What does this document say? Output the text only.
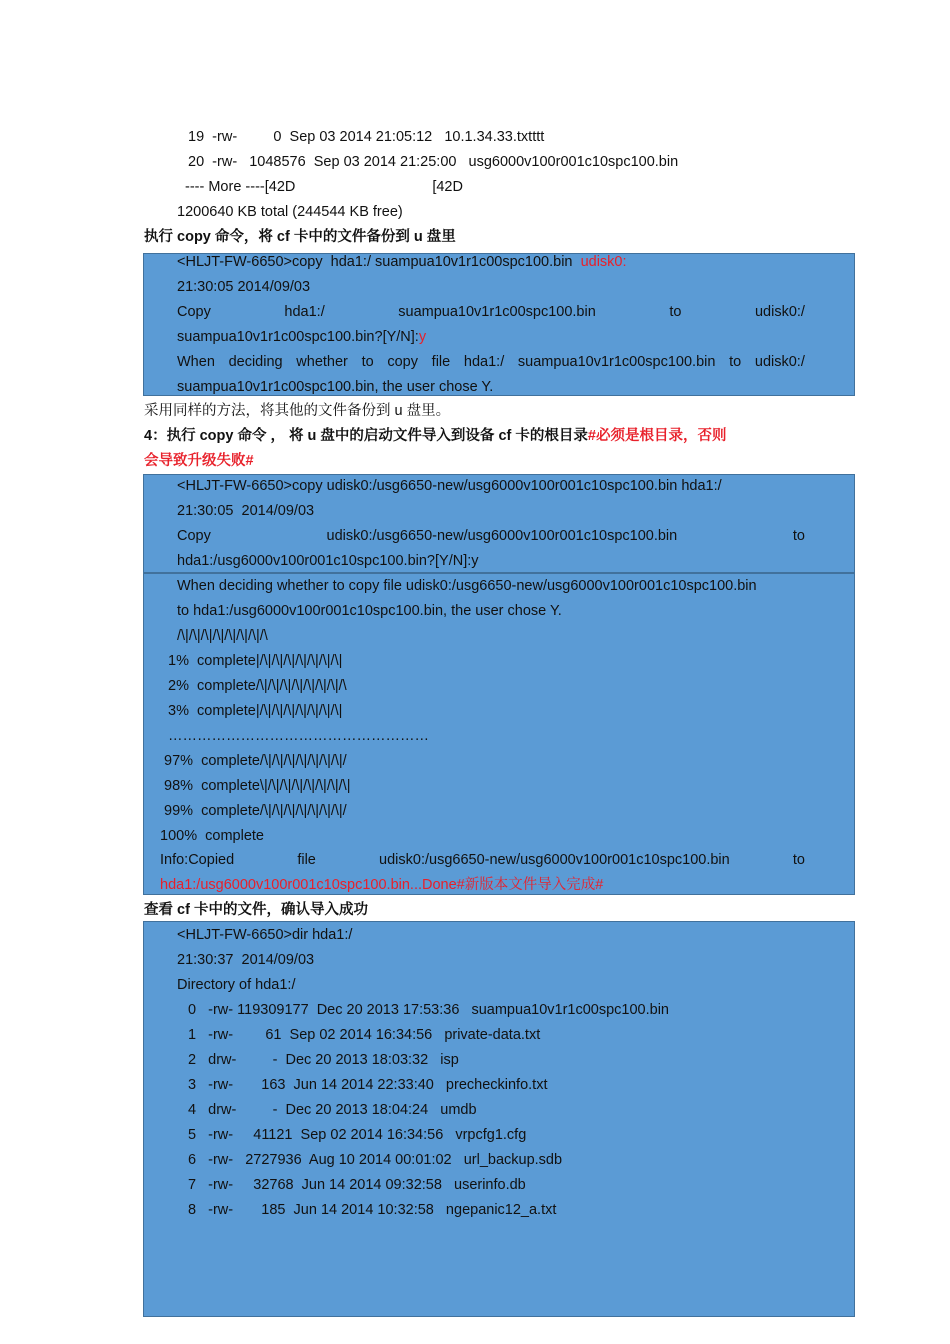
19  -rw-         0  Sep 03 2014 21:05:12   10.1.34.33.txtttt
20  -rw-   1048576  Sep 03 2014 21:25:00   usg6000v100r001c10spc100.bin
---- More ----[42D                                  [42D
1200640 KB total (244544 KB free)
执行 copy 命令，将 cf 卡中的文件备份到 u 盘里
<HLJT-FW-6650>copy  hda1:/ suampua10v1r1c00spc100.bin  udisk0:
21:30:05 2014/09/03
Copy	hda1:/	suampua10v1r1c00spc100.bin	to	udisk0:/
suampua10v1r1c00spc100.bin?[Y/N]:y
When deciding whether to copy file hda1:/ suampua10v1r1c00spc100.bin to udisk0:/
suampua10v1r1c00spc100.bin, the user chose Y.
采用同样的方法，将其他的文件备份到 u 盘里。
4：执行 copy 命令 ， 将 u 盘中的启动文件导入到设备 cf 卡的根目录#必须是根目录，否则
会导致升级失败#
<HLJT-FW-6650>copy udisk0:/usg6650-new/usg6000v100r001c10spc100.bin hda1:/
21:30:05  2014/09/03
Copy	udisk0:/usg6650-new/usg6000v100r001c10spc100.bin	to
hda1:/usg6000v100r001c10spc100.bin?[Y/N]:y
When deciding whether to copy file udisk0:/usg6650-new/usg6000v100r001c10spc100.bin
to hda1:/usg6000v100r001c10spc100.bin, the user chose Y.
/\|/\|/\|/\|/\|/\|/\|/\
1%  complete|/\|/\|/\|/\|/\|/\|/\|
2%  complete/\|/\|/\|/\|/\|/\|/\|/\
3%  complete|/\|/\|/\|/\|/\|/\|/\|
………………………………………………
97%  complete/\|/\|/\|/\|/\|/\|/\|/
98%  complete\|/\|/\|/\|/\|/\|/\|/\|
99%  complete/\|/\|/\|/\|/\|/\|/\|/
100%  complete
Info:Copied	file	udisk0:/usg6650-new/usg6000v100r001c10spc100.bin	to
hda1:/usg6000v100r001c10spc100.bin...Done#新版本文件导入完成#
查看 cf 卡中的文件，确认导入成功
<HLJT-FW-6650>dir hda1:/
21:30:37  2014/09/03
Directory of hda1:/
0   -rw- 119309177  Dec 20 2013 17:53:36   suampua10v1r1c00spc100.bin
1   -rw-        61  Sep 02 2014 16:34:56   private-data.txt
2   drw-         -  Dec 20 2013 18:03:32   isp
3   -rw-       163  Jun 14 2014 22:33:40   precheckinfo.txt
4   drw-         -  Dec 20 2013 18:04:24   umdb
5   -rw-     41121  Sep 02 2014 16:34:56   vrpcfg1.cfg
6   -rw-   2727936  Aug 10 2014 00:01:02   url_backup.sdb
7   -rw-     32768  Jun 14 2014 09:32:58   userinfo.db
8   -rw-       185  Jun 14 2014 10:32:58   ngepanic12_a.txt
